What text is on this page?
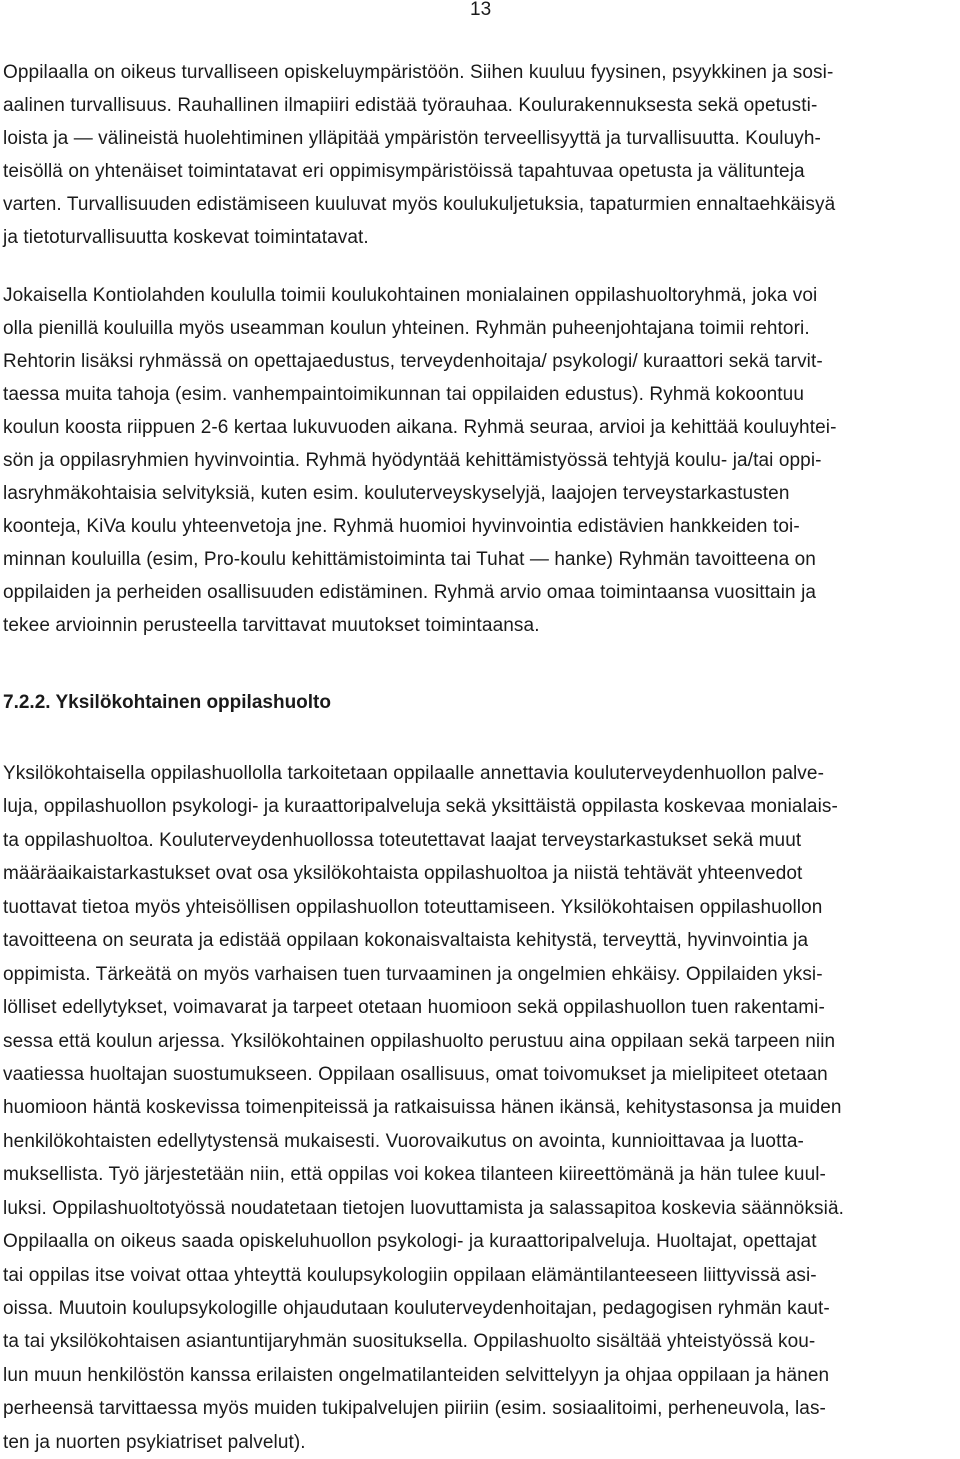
13
Oppilaalla on oikeus turvalliseen opiskeluympäristöön. Siihen kuuluu fyysinen, psyykkinen ja sosi-
aalinen turvallisuus. Rauhallinen ilmapiiri edistää työrauhaa. Koulurakennuksesta sekä opetusti-
loista ja — välineistä huolehtiminen ylläpitää ympäristön terveellisyyttä ja turvallisuutta. Kouluyh-
teisöllä on yhtenäiset toimintatavat eri oppimisympäristöissä tapahtuvaa opetusta ja välitunteja
varten. Turvallisuuden edistämiseen kuuluvat myös koulukuljetuksia, tapaturmien ennaltaehkäisyä
ja tietoturvallisuutta koskevat toimintatavat.
Jokaisella Kontiolahden koululla toimii koulukohtainen monialainen oppilashuoltoryhmä, joka voi
olla pienillä kouluilla myös useamman koulun yhteinen. Ryhmän puheenjohtajana toimii rehtori.
Rehtorin lisäksi ryhmässä on opettajaedustus, terveydenhoitaja/ psykologi/ kuraattori sekä tarvit-
taessa muita tahoja (esim. vanhempaintoimikunnan tai oppilaiden edustus). Ryhmä kokoontuu
koulun koosta riippuen 2-6 kertaa lukuvuoden aikana. Ryhmä seuraa, arvioi ja kehittää kouluyhtei-
sön ja oppilasryhmien hyvinvointia. Ryhmä hyödyntää kehittämistyössä tehtyjä koulu- ja/tai oppi-
lasryhmäkohtaisia selvityksiä, kuten esim. kouluterveyskyselyjä, laajojen terveystarkastusten
koonteja, KiVa koulu yhteenvetoja jne. Ryhmä huomioi hyvinvointia edistävien hankkeiden toi-
minnan kouluilla (esim, Pro-koulu kehittämistoiminta tai Tuhat — hanke) Ryhmän tavoitteena on
oppilaiden ja perheiden osallisuuden edistäminen. Ryhmä arvio omaa toimintaansa vuosittain ja
tekee arvioinnin perusteella tarvittavat muutokset toimintaansa.
7.2.2. Yksilökohtainen oppilashuolto
Yksilökohtaisella oppilashuollolla tarkoitetaan oppilaalle annettavia kouluterveydenhuollon palve-
luja, oppilashuollon psykologi- ja kuraattoripalveluja sekä yksittäistä oppilasta koskevaa monialais-
ta oppilashuoltoa. Kouluterveydenhuollossa toteutettavat laajat terveystarkastukset sekä muut
määräaikaistarkastukset ovat osa yksilökohtaista oppilashuoltoa ja niistä tehtävät yhteenvedot
tuottavat tietoa myös yhteisöllisen oppilashuollon toteuttamiseen. Yksilökohtaisen oppilashuollon
tavoitteena on seurata ja edistää oppilaan kokonaisvaltaista kehitystä, terveyttä, hyvinvointia ja
oppimista. Tärkeätä on myös varhaisen tuen turvaaminen ja ongelmien ehkäisy. Oppilaiden yksi-
lölliset edellytykset, voimavarat ja tarpeet otetaan huomioon sekä oppilashuollon tuen rakentami-
sessa että koulun arjessa. Yksilökohtainen oppilashuolto perustuu aina oppilaan sekä tarpeen niin
vaatiessa huoltajan suostumukseen. Oppilaan osallisuus, omat toivomukset ja mielipiteet otetaan
huomioon häntä koskevissa toimenpiteissä ja ratkaisuissa hänen ikänsä, kehitystasonsa ja muiden
henkilökohtaisten edellytystensä mukaisesti. Vuorovaikutus on avointa, kunnioittavaa ja luotta-
muksellista. Työ järjestetään niin, että oppilas voi kokea tilanteen kiireettömänä ja hän tulee kuul-
luksi. Oppilashuoltotyössä noudatetaan tietojen luovuttamista ja salassapitoa koskevia säännöksiä.
Oppilaalla on oikeus saada opiskeluhuollon psykologi- ja kuraattoripalveluja. Huoltajat, opettajat
tai oppilas itse voivat ottaa yhteyttä koulupsykologiin oppilaan elämäntilanteeseen liittyvissä asi-
oissa. Muutoin koulupsykologille ohjaudutaan kouluterveydenhoitajan, pedagogisen ryhmän kaut-
ta tai yksilökohtaisen asiantuntijaryhmän suosituksella. Oppilashuolto sisältää yhteistyössä kou-
lun muun henkilöstön kanssa erilaisten ongelmatilanteiden selvittelyyn ja ohjaa oppilaan ja hänen
perheensä tarvittaessa myös muiden tukipalvelujen piiriin (esim. sosiaalitoimi, perheneuvola, las-
ten ja nuorten psykiatriset palvelut).
